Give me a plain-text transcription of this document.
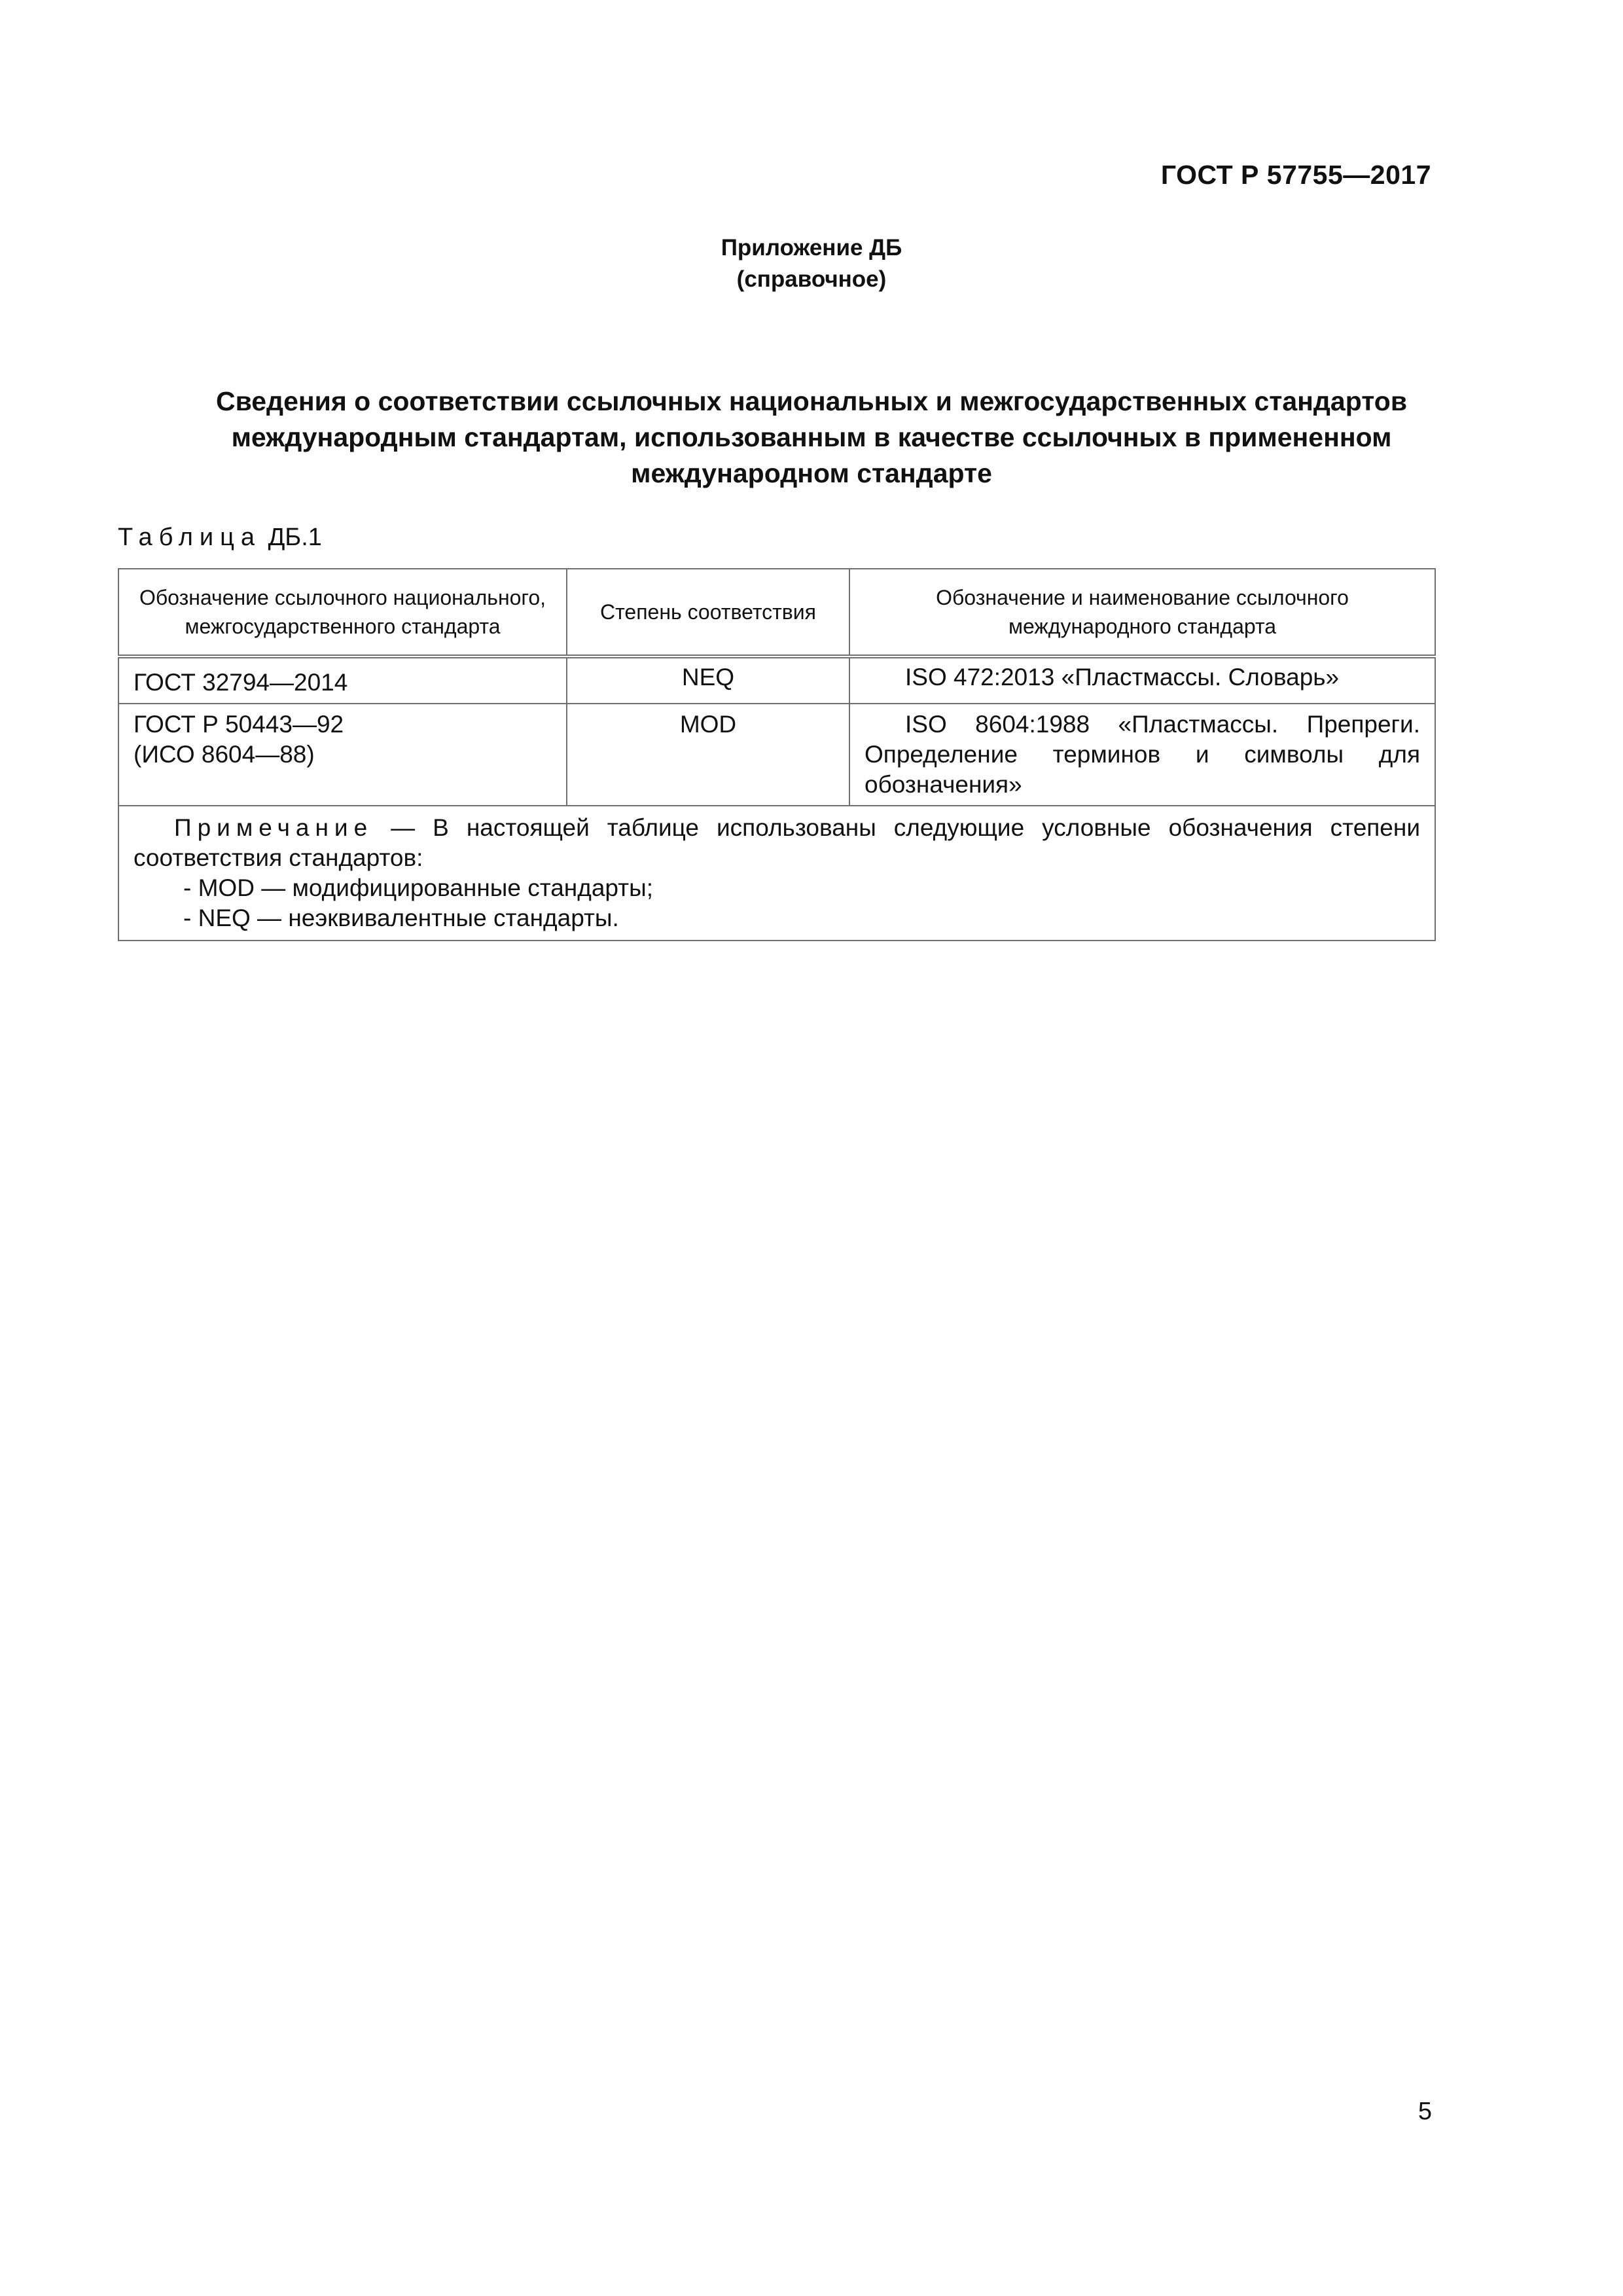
ГОСТ Р 57755—2017
Приложение ДБ
(справочное)
Сведения о соответствии ссылочных национальных и межгосударственных стандартов
международным стандартам, использованным в качестве ссылочных в примененном
международном стандарте
Таблица ДБ.1
Обозначение ссылочного национального, межгосударственного стандарта	Степень соответствия	Обозначение и наименование ссылочного международного стандарта

ГОСТ 32794—2014	NEQ	ISO 472:2013 «Пластмассы. Словарь»

ГОСТ Р 50443—92
(ИСО 8604—88)	MOD	ISO 8604:1988 «Пластмассы. Препреги. Определение терминов и символы для обозначения»

Примечание — В настоящей таблице использованы следующие условные обозначения степени соответствия стандартов:
- MOD — модифицированные стандарты;
- NEQ — неэквивалентные стандарты.		
5
